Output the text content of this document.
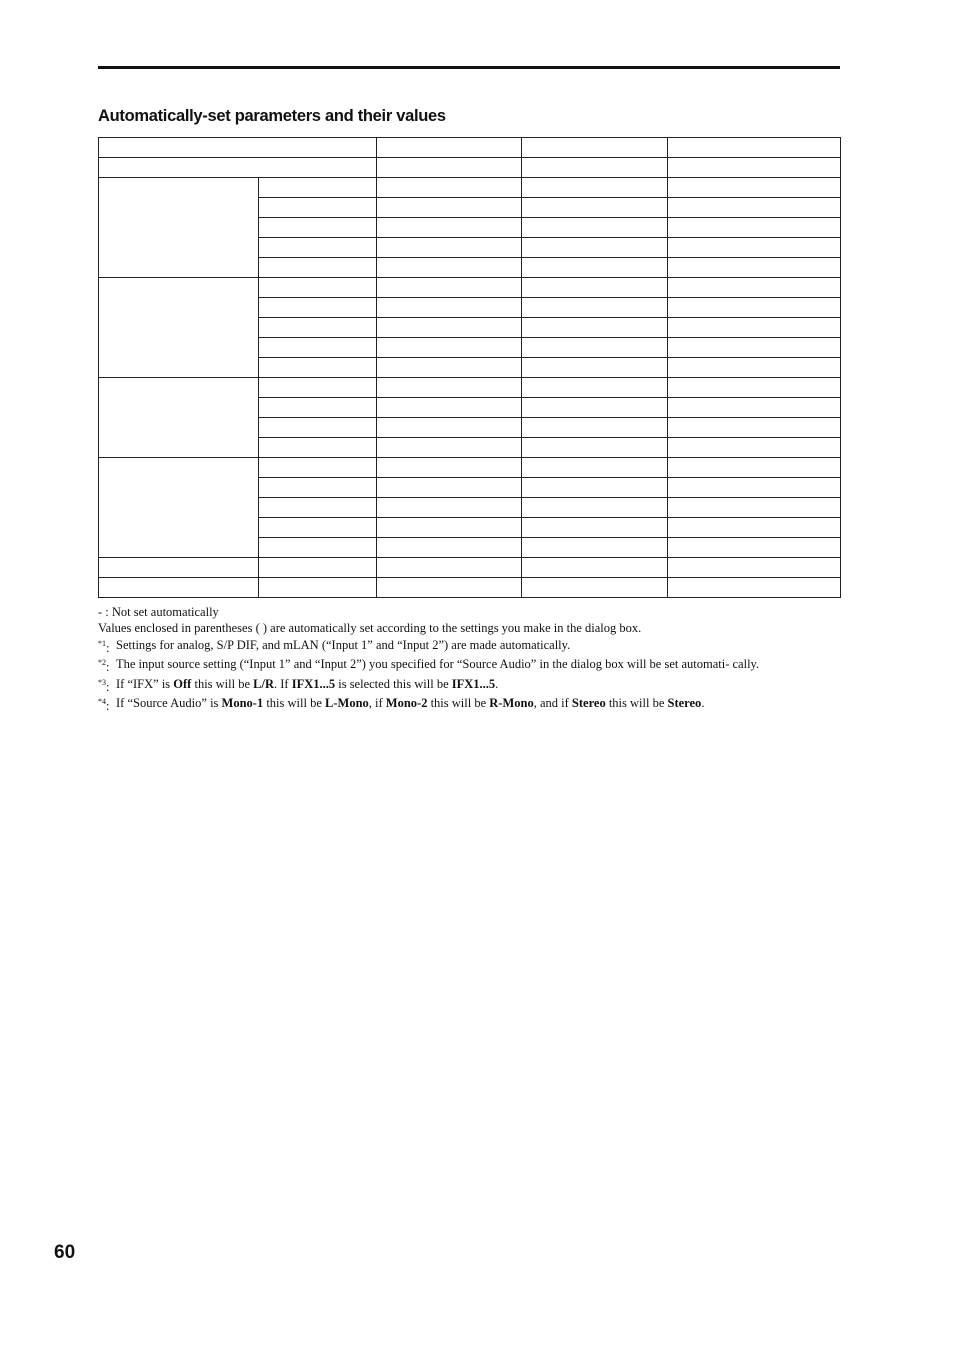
Automatically-set parameters and their values

- : Not set automatically

Values enclosed in parentheses ( ) are automatically set according to the settings you make in the dialog box.

$^{*1}$: Settings for analog, S/P DIF, and mLAN (“Input 1” and “Input 2”) are made automatically.
$^{*2}$: The input source setting (“Input 1” and “Input 2”) you specified for “Source Audio” in the dialog box will be set automati- cally.
$^{*3}$: If “IFX” is Off this will be L/R. If IFX1...5 is selected this will be IFX1...5.
$^{*4}$: If “Source Audio” is Mono-1 this will be L-Mono, if Mono-2 this will be R-Mono, and if Stereo this will be Stereo.
60
